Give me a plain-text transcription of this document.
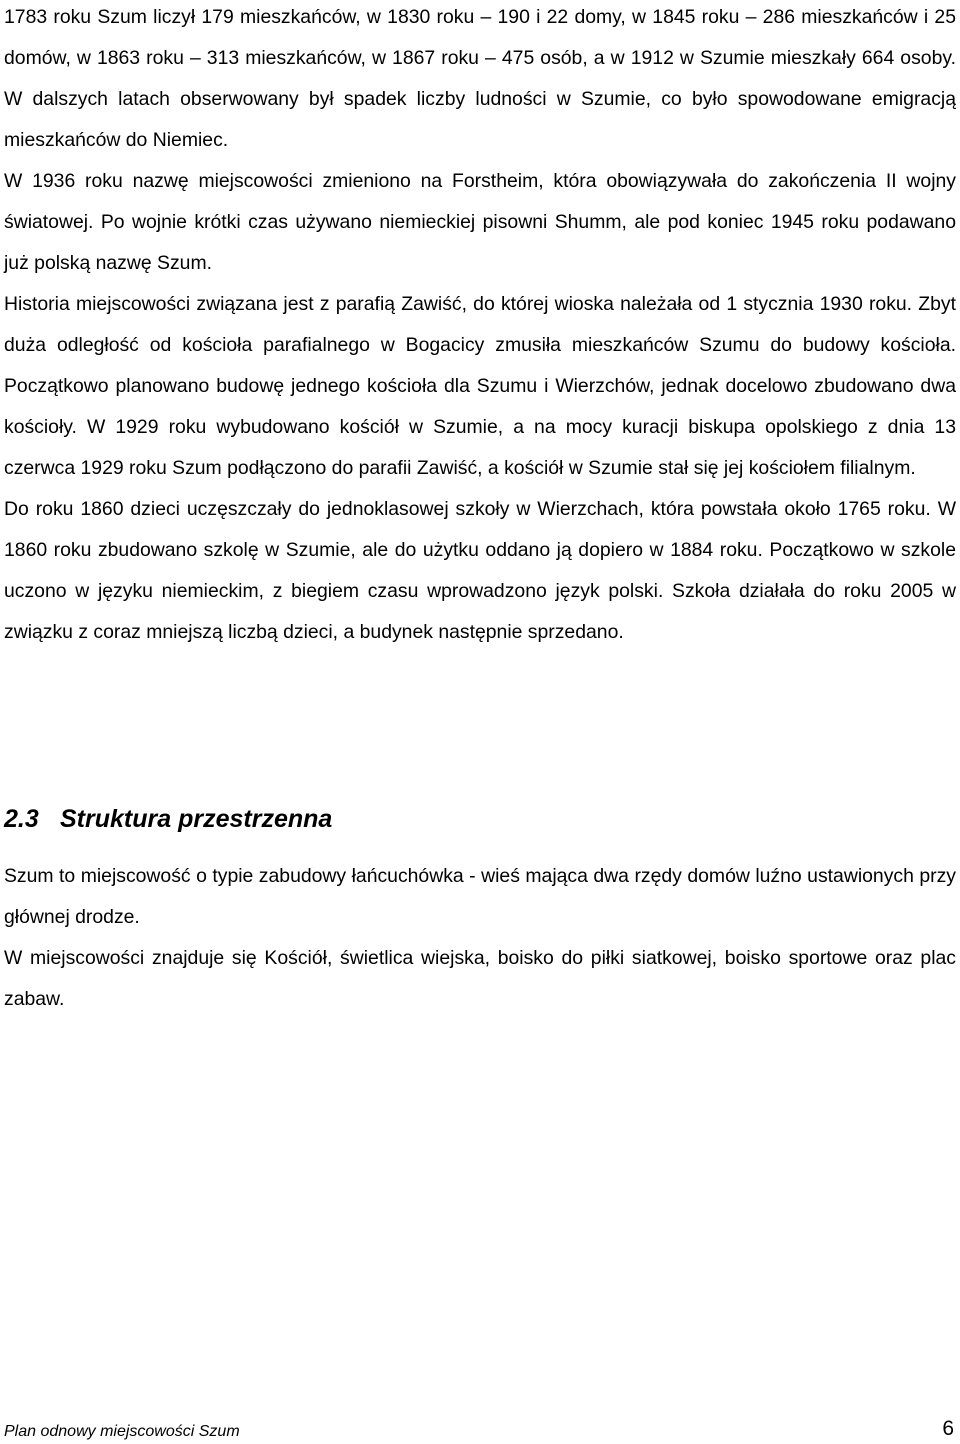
1783 roku Szum liczył 179 mieszkańców, w 1830 roku – 190 i 22 domy, w 1845 roku – 286 mieszkańców i 25 domów, w 1863 roku – 313 mieszkańców, w 1867 roku – 475 osób, a w 1912 w Szumie mieszkały 664 osoby. W dalszych latach obserwowany był spadek liczby ludności w Szumie, co było spowodowane emigracją mieszkańców do Niemiec.

W 1936 roku nazwę miejscowości zmieniono na Forstheim, która obowiązywała do zakończenia II wojny światowej. Po wojnie krótki czas używano niemieckiej pisowni Shumm, ale pod koniec 1945 roku podawano już polską nazwę Szum.

Historia miejscowości związana jest z parafią Zawiść, do której wioska należała od 1 stycznia 1930 roku. Zbyt duża odległość od kościoła parafialnego w Bogacicy zmusiła mieszkańców Szumu do budowy kościoła. Początkowo planowano budowę jednego kościoła dla Szumu i Wierzchów, jednak docelowo zbudowano dwa kościoły. W 1929 roku wybudowano kościół w Szumie, a na mocy kuracji biskupa opolskiego z dnia 13 czerwca 1929 roku Szum podłączono do parafii Zawiść, a kościół w Szumie stał się jej kościołem filialnym.

Do roku 1860 dzieci uczęszczały do jednoklasowej szkoły w Wierzchach, która powstała około 1765 roku. W 1860 roku zbudowano szkolę w Szumie, ale do użytku oddano ją dopiero w 1884 roku. Początkowo w szkole uczono w języku niemieckim, z biegiem czasu wprowadzono język polski. Szkoła działała do roku 2005 w związku z coraz mniejszą liczbą dzieci, a budynek następnie sprzedano.

2.3 Struktura przestrzenna

Szum to miejscowość o typie zabudowy łańcuchówka - wieś mająca dwa rzędy domów luźno ustawionych przy głównej drodze.

W miejscowości znajduje się Kościół, świetlica wiejska, boisko do piłki siatkowej, boisko sportowe oraz plac zabaw.

Plan odnowy miejscowości Szum	6
